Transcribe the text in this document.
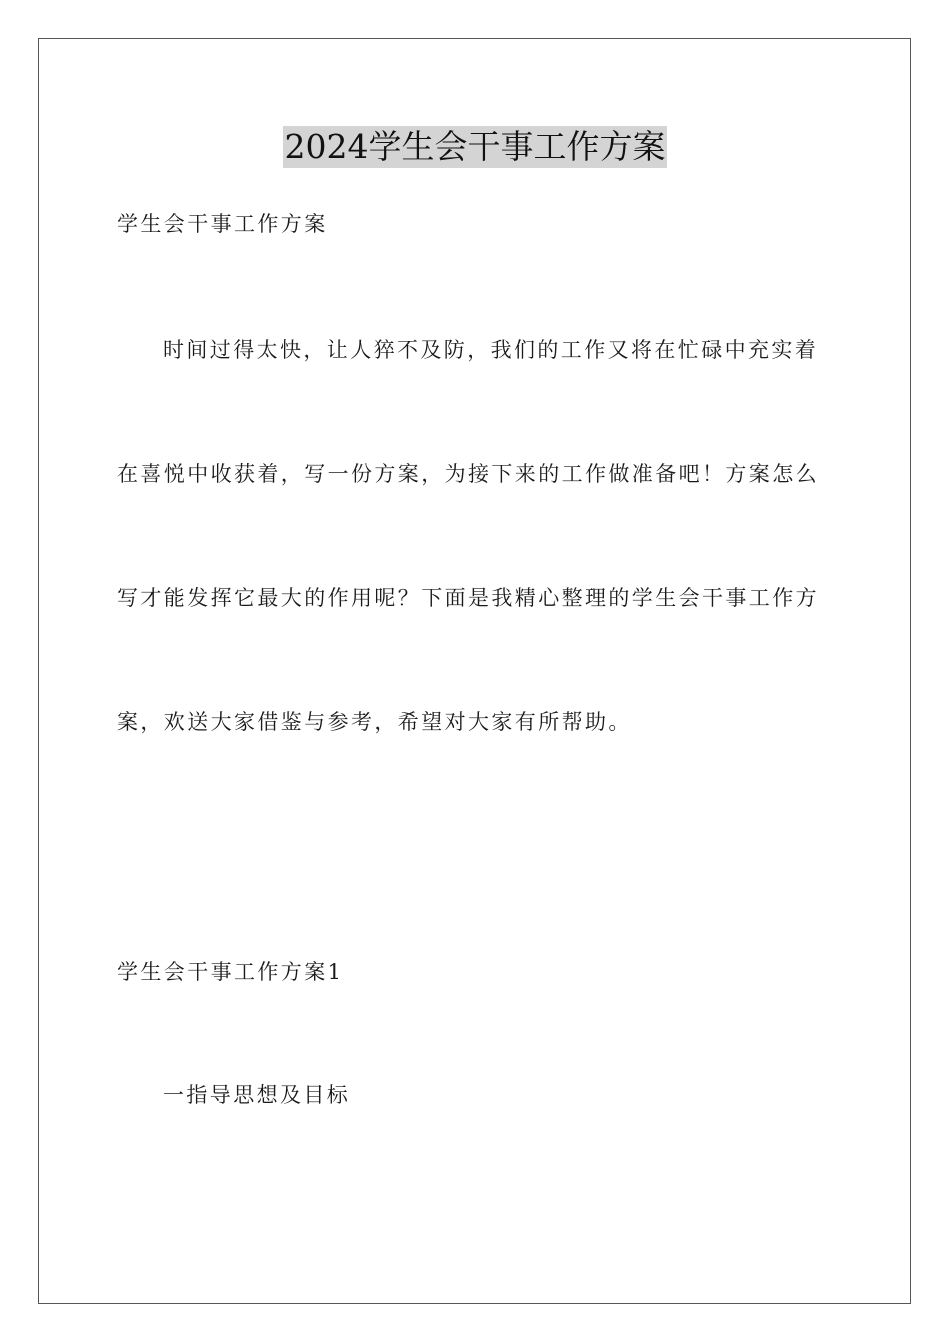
2024学生会干事工作方案
学生会干事工作方案
时间过得太快，让人猝不及防，我们的工作又将在忙碌中充实着
在喜悦中收获着，写一份方案，为接下来的工作做准备吧！方案怎么
写才能发挥它最大的作用呢？下面是我精心整理的学生会干事工作方
案，欢送大家借鉴与参考，希望对大家有所帮助。
学生会干事工作方案1
一指导思想及目标
